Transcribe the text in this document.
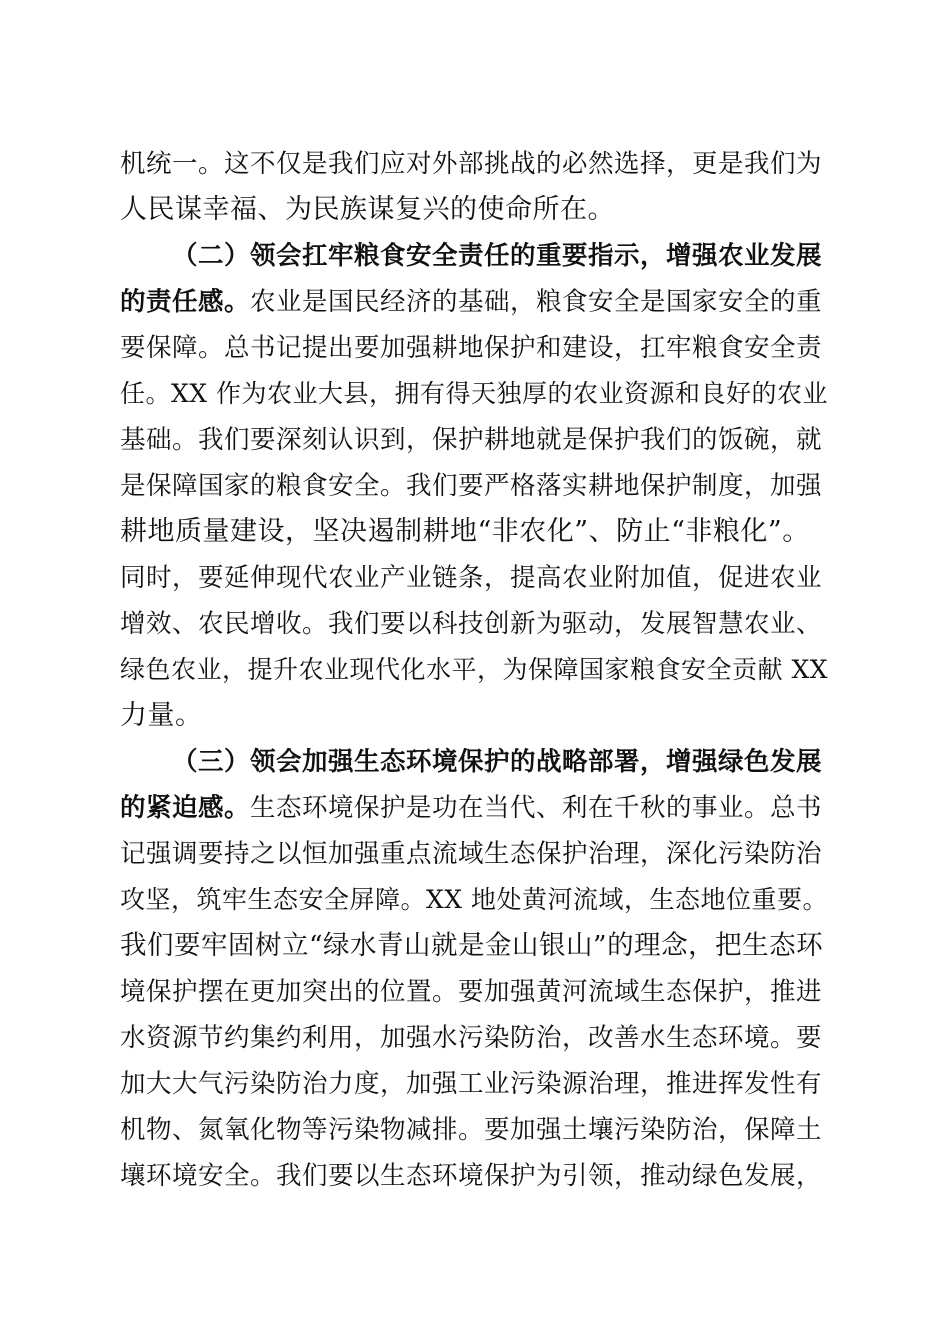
机统一。这不仅是我们应对外部挑战的必然选择，更是我们为
人民谋幸福、为民族谋复兴的使命所在。
（二）领会扛牢粮食安全责任的重要指示，增强农业发展
的责任感。农业是国民经济的基础，粮食安全是国家安全的重
要保障。总书记提出要加强耕地保护和建设，扛牢粮食安全责
任。XX 作为农业大县，拥有得天独厚的农业资源和良好的农业
基础。我们要深刻认识到，保护耕地就是保护我们的饭碗，就
是保障国家的粮食安全。我们要严格落实耕地保护制度，加强
耕地质量建设，坚决遏制耕地“非农化”、防止“非粮化”。
同时，要延伸现代农业产业链条，提高农业附加值，促进农业
增效、农民增收。我们要以科技创新为驱动，发展智慧农业、
绿色农业，提升农业现代化水平，为保障国家粮食安全贡献 XX
力量。
（三）领会加强生态环境保护的战略部署，增强绿色发展
的紧迫感。生态环境保护是功在当代、利在千秋的事业。总书
记强调要持之以恒加强重点流域生态保护治理，深化污染防治
攻坚，筑牢生态安全屏障。XX 地处黄河流域，生态地位重要。
我们要牢固树立“绿水青山就是金山银山”的理念，把生态环
境保护摆在更加突出的位置。要加强黄河流域生态保护，推进
水资源节约集约利用，加强水污染防治，改善水生态环境。要
加大大气污染防治力度，加强工业污染源治理，推进挥发性有
机物、氮氧化物等污染物减排。要加强土壤污染防治，保障土
壤环境安全。我们要以生态环境保护为引领，推动绿色发展，
